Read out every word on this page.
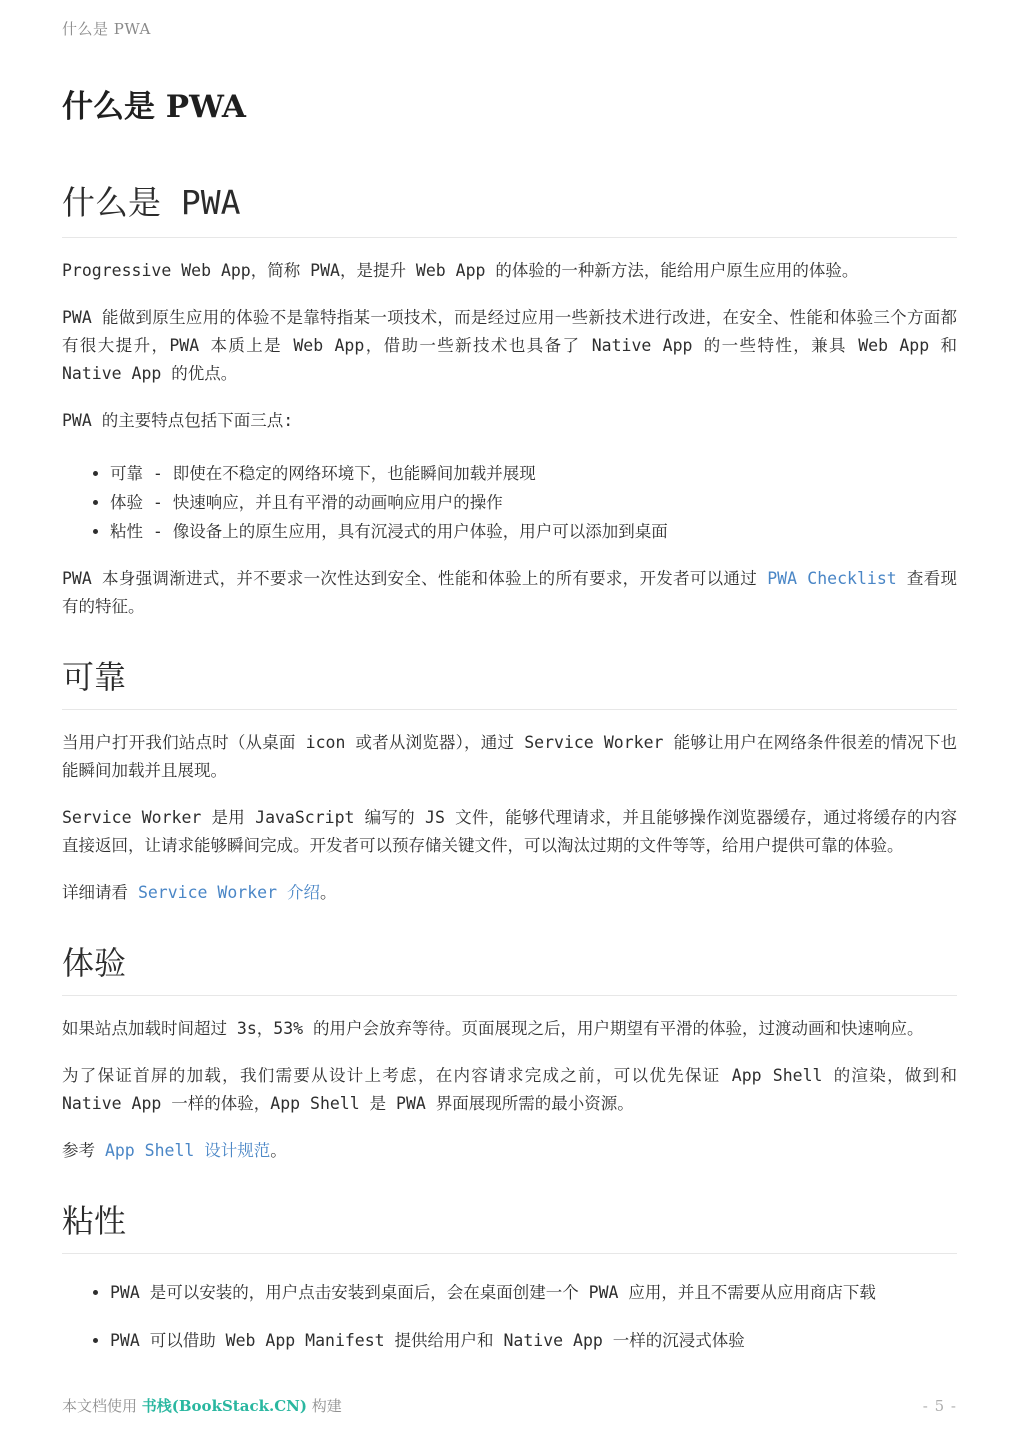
什么是 PWA
什么是 PWA
什么是 PWA

Progressive Web App，简称 PWA，是提升 Web App 的体验的一种新方法，能给用户原生应用的体验。

PWA 能做到原生应用的体验不是靠特指某一项技术，而是经过应用一些新技术进行改进，在安全、性能和体验三个方面都有很大提升，PWA 本质上是 Web App，借助一些新技术也具备了 Native App 的一些特性，兼具 Web App 和 Native App 的优点。

PWA 的主要特点包括下面三点:

• 可靠 - 即使在不稳定的网络环境下，也能瞬间加载并展现
• 体验 - 快速响应，并且有平滑的动画响应用户的操作
• 粘性 - 像设备上的原生应用，具有沉浸式的用户体验，用户可以添加到桌面

PWA 本身强调渐进式，并不要求一次性达到安全、性能和体验上的所有要求，开发者可以通过 PWA Checklist 查看现有的特征。

可靠

当用户打开我们站点时（从桌面 icon 或者从浏览器），通过 Service Worker 能够让用户在网络条件很差的情况下也能瞬间加载并且展现。

Service Worker 是用 JavaScript 编写的 JS 文件，能够代理请求，并且能够操作浏览器缓存，通过将缓存的内容直接返回，让请求能够瞬间完成。开发者可以预存储关键文件，可以淘汰过期的文件等等，给用户提供可靠的体验。

详细请看 Service Worker 介绍。

体验

如果站点加载时间超过 3s，53% 的用户会放弃等待。页面展现之后，用户期望有平滑的体验，过渡动画和快速响应。

为了保证首屏的加载，我们需要从设计上考虑，在内容请求完成之前，可以优先保证 App Shell 的渲染，做到和 Native App 一样的体验，App Shell 是 PWA 界面展现所需的最小资源。

参考 App Shell 设计规范。

粘性
• PWA 是可以安装的，用户点击安装到桌面后，会在桌面创建一个 PWA 应用，并且不需要从应用商店下载
• PWA 可以借助 Web App Manifest 提供给用户和 Native App 一样的沉浸式体验
本文档使用 书栈(BookStack.CN) 构建	- 5 -
